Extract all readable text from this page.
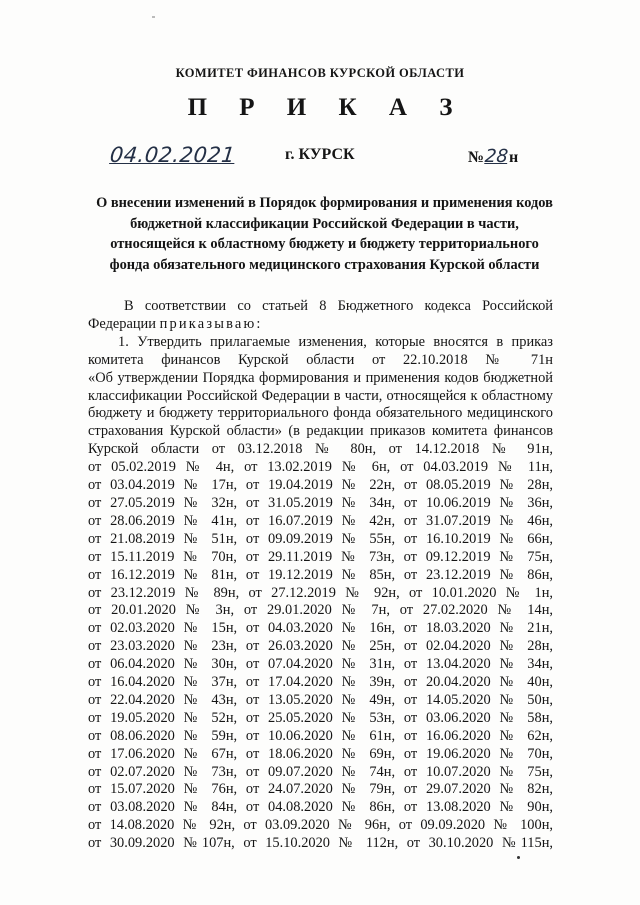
КОМИТЕТ ФИНАНСОВ КУРСКОЙ ОБЛАСТИ
П Р И К А З
04.02.2021	г. КУРСК	№28н
О внесении изменений в Порядок формирования и применения кодов
бюджетной классификации Российской Федерации в части,
относящейся к областному бюджету и бюджету территориального
фонда обязательного медицинского страхования Курской области
В соответствии со статьей 8 Бюджетного кодекса Российской
Федерации приказываю:
1. Утвердить прилагаемые изменения, которые вносятся в приказ
комитета финансов Курской области от 22.10.2018 № 71н
«Об утверждении Порядка формирования и применения кодов бюджетной
классификации Российской Федерации в части, относящейся к областному
бюджету и бюджету территориального фонда обязательного медицинского
страхования Курской области» (в редакции приказов комитета финансов
Курской области от 03.12.2018 № 80н, от 14.12.2018 № 91н,
от 05.02.2019 № 4н, от 13.02.2019 № 6н, от 04.03.2019 № 11н,
от 03.04.2019 № 17н, от 19.04.2019 № 22н, от 08.05.2019 № 28н,
от 27.05.2019 № 32н, от 31.05.2019 № 34н, от 10.06.2019 № 36н,
от 28.06.2019 № 41н, от 16.07.2019 № 42н, от 31.07.2019 № 46н,
от 21.08.2019 № 51н, от 09.09.2019 № 55н, от 16.10.2019 № 66н,
от 15.11.2019 № 70н, от 29.11.2019 № 73н, от 09.12.2019 № 75н,
от 16.12.2019 № 81н, от 19.12.2019 № 85н, от 23.12.2019 № 86н,
от 23.12.2019 № 89н, от 27.12.2019 № 92н, от 10.01.2020 № 1н,
от 20.01.2020 № 3н, от 29.01.2020 № 7н, от 27.02.2020 № 14н,
от 02.03.2020 № 15н, от 04.03.2020 № 16н, от 18.03.2020 № 21н,
от 23.03.2020 № 23н, от 26.03.2020 № 25н, от 02.04.2020 № 28н,
от 06.04.2020 № 30н, от 07.04.2020 № 31н, от 13.04.2020 № 34н,
от 16.04.2020 № 37н, от 17.04.2020 № 39н, от 20.04.2020 № 40н,
от 22.04.2020 № 43н, от 13.05.2020 № 49н, от 14.05.2020 № 50н,
от 19.05.2020 № 52н, от 25.05.2020 № 53н, от 03.06.2020 № 58н,
от 08.06.2020 № 59н, от 10.06.2020 № 61н, от 16.06.2020 № 62н,
от 17.06.2020 № 67н, от 18.06.2020 № 69н, от 19.06.2020 № 70н,
от 02.07.2020 № 73н, от 09.07.2020 № 74н, от 10.07.2020 № 75н,
от 15.07.2020 № 76н, от 24.07.2020 № 79н, от 29.07.2020 № 82н,
от 03.08.2020 № 84н, от 04.08.2020 № 86н, от 13.08.2020 № 90н,
от 14.08.2020 № 92н, от 03.09.2020 № 96н, от 09.09.2020 № 100н,
от 30.09.2020 №107н, от 15.10.2020 № 112н, от 30.10.2020 №115н,
